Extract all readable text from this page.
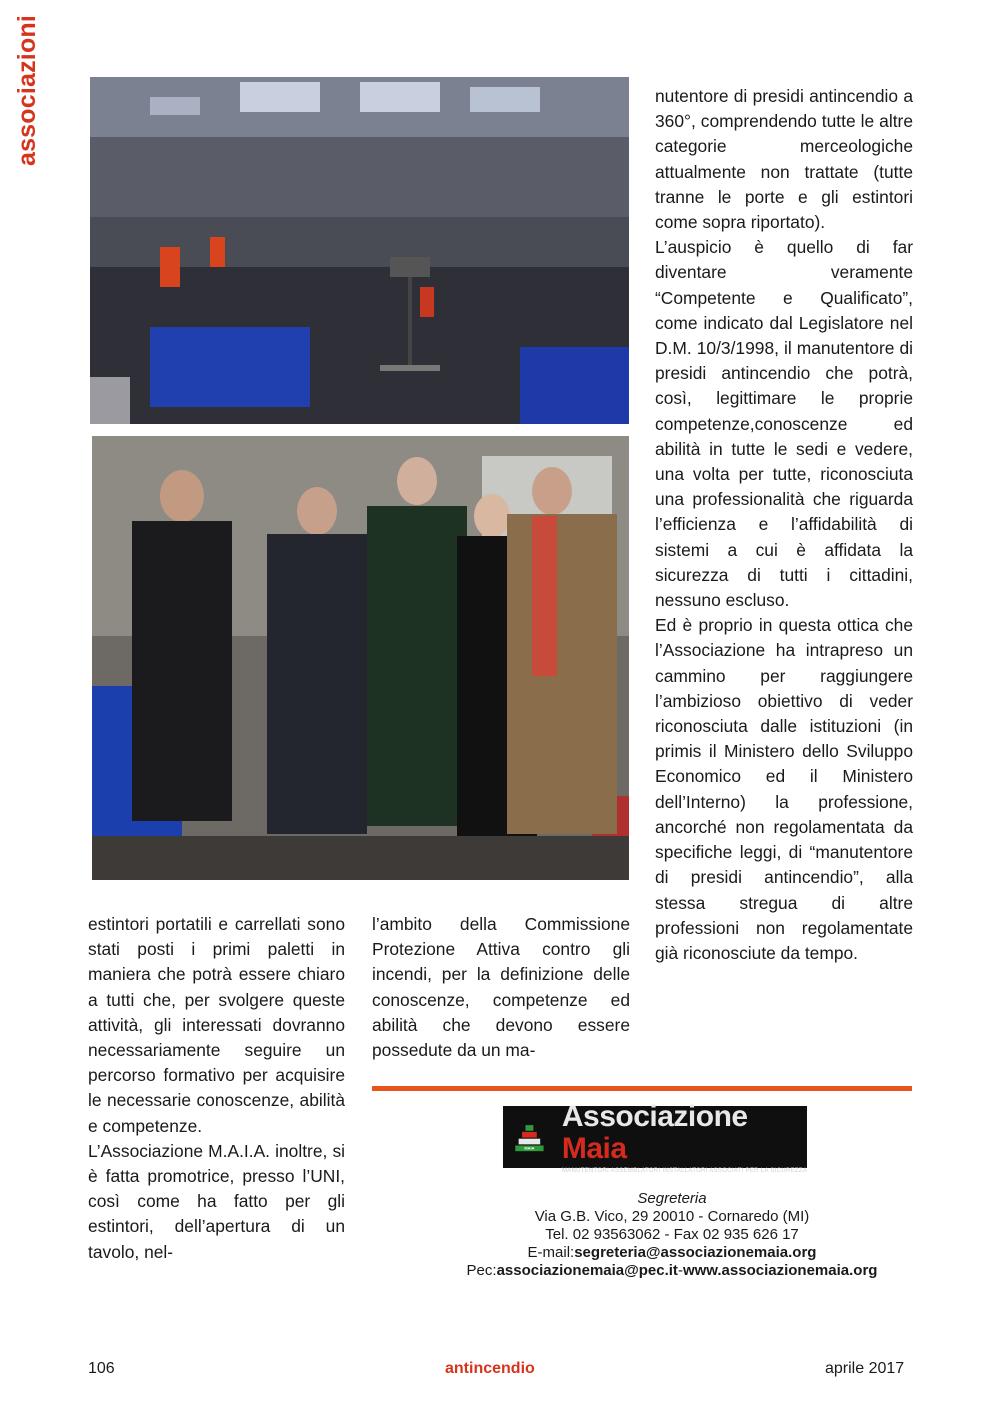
associazioni	nutentore di presidi antincendio a 360°, comprendendo tutte le altre categorie merceologiche attualmente non trattate (tutte tranne le porte e gli estintori come sopra riportato).

L’auspicio è quello di far diventare veramente “Competente e Qualificato”, come indicato dal Legislatore nel D.M. 10/3/1998, il manutentore di presidi antincendio che potrà, così, legittimare le proprie competenze,conoscenze ed abilità in tutte le sedi e vedere, una volta per tutte, riconosciuta una professionalità che riguarda l’efficienza e l’affidabilità di sistemi a cui è affidata la sicurezza di tutti i cittadini, nessuno escluso.

Ed è proprio in questa ottica che l’Associazione ha intrapreso un cammino per raggiungere l’ambizioso obiettivo di veder riconosciuta dalle istituzioni (in primis il Ministero dello Sviluppo Economico ed il Ministero dell’Interno) la professione, ancorché non regolamentata da specifiche leggi, di “manutentore di presidi antincendio”, alla stessa stregua di altre professioni non regolamentate già riconosciute da tempo.

estintori portatili e carrellati sono stati posti i primi paletti in maniera che potrà essere chiaro a tutti che, per svolgere queste attività, gli interessati dovranno necessariamente seguire un percorso formativo per acquisire le necessarie conoscenze, abilità e competenze.

L’Associazione M.A.I.A. inoltre, si è fatta promotrice, presso l’UNI, così come ha fatto per gli estintori, dell’apertura di un tavolo, nel-

l’ambito della Commissione Protezione Attiva contro gli incendi, per la definizione delle conoscenze, competenze ed abilità che devono essere possedute da un ma-

MAIA
Associazione Maia
MANUTENTORI ASSEMBLATORI INSTALLATORI ASSOCIATI PER LA SICUREZZA
Segreteria
Via G.B. Vico, 29 20010 - Cornaredo (MI)
Tel. 02 93563062 - Fax 02 935 626 17
E-mail:segreteria@associazionemaia.org
Pec:associazionemaia@pec.it-www.associazionemaia.org
106	antincendio	aprile 2017
